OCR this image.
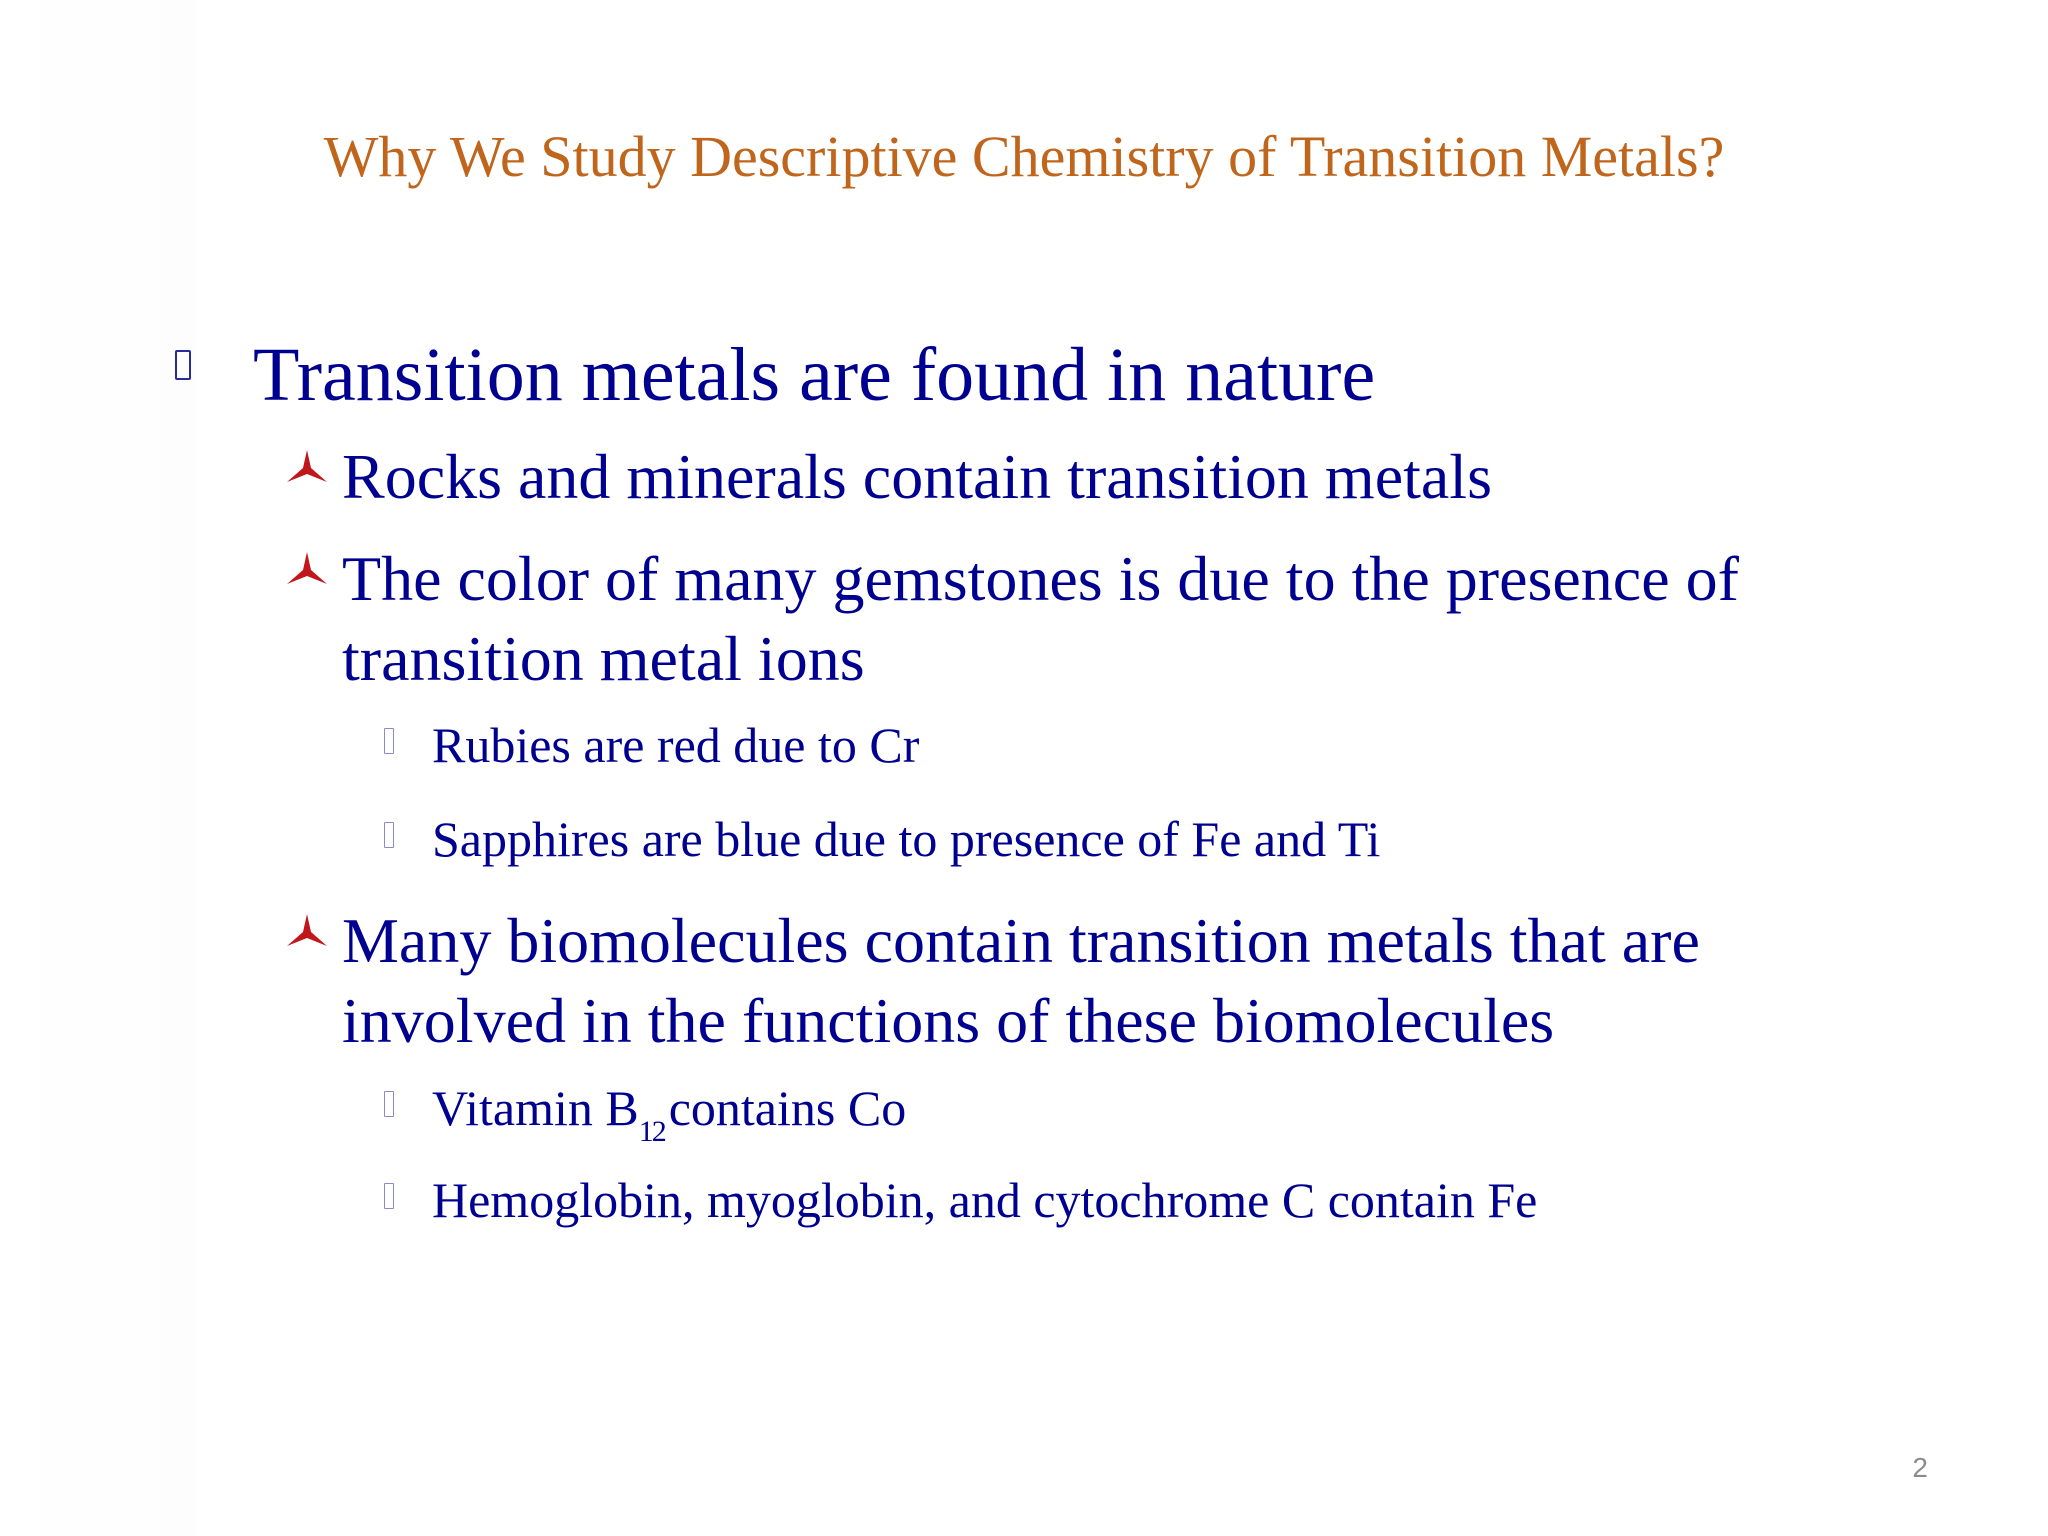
Why We Study Descriptive Chemistry of Transition Metals?
Transition metals are found in nature
Rocks and minerals contain transition metals
The color of many gemstones is due to the presence of
transition metal ions
Rubies are red due to Cr
Sapphires are blue due to presence of Fe and Ti
Many biomolecules contain transition metals that are
involved in the functions of these biomolecules
Vitamin $B_{12}contains$ Co
Hemoglobin, myoglobin, and cytochrome C contain Fe
2
